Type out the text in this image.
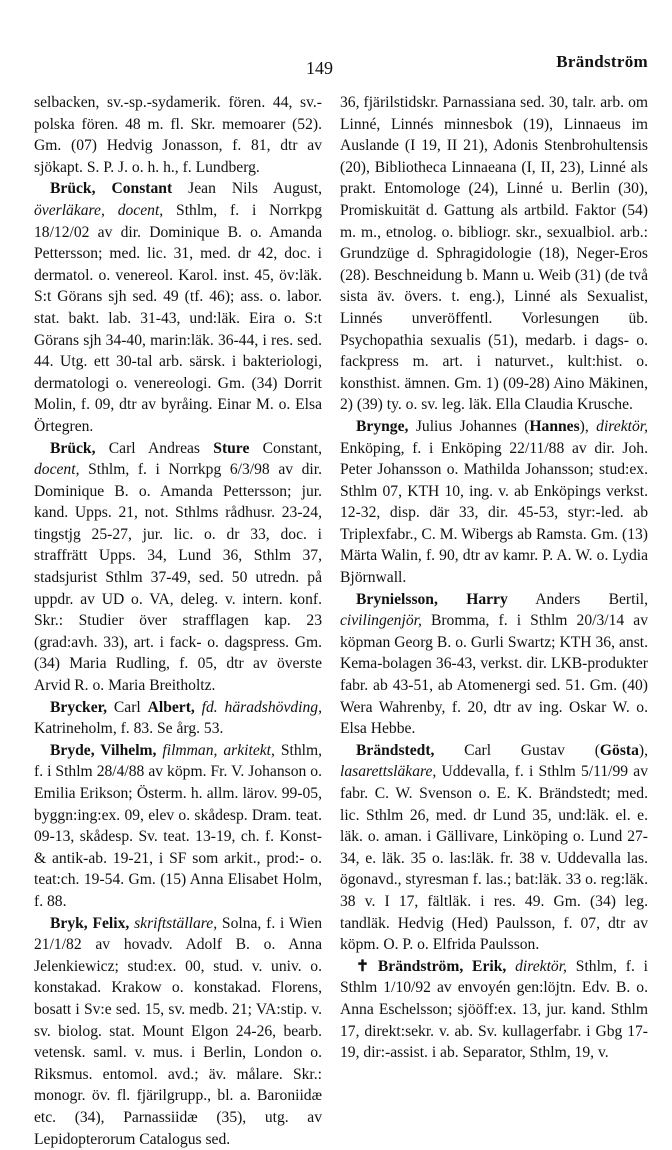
149	Brändström

selbacken, sv.-sp.-sydamerik. fören. 44, sv.-polska fören. 48 m. fl. Skr. memoarer (52). Gm. (07) Hedvig Jonasson, f. 81, dtr av sjökapt. S. P. J. o. h. h., f. Lundberg.

Brück, Constant Jean Nils August, överläkare, docent, Sthlm, f. i Norrkpg 18/12/02 av dir. Dominique B. o. Amanda Pettersson; med. lic. 31, med. dr 42, doc. i dermatol. o. venereol. Karol. inst. 45, öv:läk. S:t Görans sjh sed. 49 (tf. 46); ass. o. labor. stat. bakt. lab. 31-43, und:läk. Eira o. S:t Görans sjh 34-40, marin:läk. 36-44, i res. sed. 44. Utg. ett 30-tal arb. särsk. i bakteriologi, dermatologi o. venereologi. Gm. (34) Dorrit Molin, f. 09, dtr av byråing. Einar M. o. Elsa Örtegren.

Brück, Carl Andreas Sture Constant, docent, Sthlm, f. i Norrkpg 6/3/98 av dir. Dominique B. o. Amanda Pettersson; jur. kand. Upps. 21, not. Sthlms rådhusr. 23-24, tingstjg 25-27, jur. lic. o. dr 33, doc. i straffrätt Upps. 34, Lund 36, Sthlm 37, stadsjurist Sthlm 37-49, sed. 50 utredn. på uppdr. av UD o. VA, deleg. v. intern. konf. Skr.: Studier över strafflagen kap. 23 (grad:avh. 33), art. i fack- o. dagspress. Gm. (34) Maria Rudling, f. 05, dtr av överste Arvid R. o. Maria Breitholtz.

Brycker, Carl Albert, fd. häradshövding, Katrineholm, f. 83. Se årg. 53.

Bryde, Vilhelm, filmman, arkitekt, Sthlm, f. i Sthlm 28/4/88 av köpm. Fr. V. Johanson o. Emilia Erikson; Österm. h. allm. lärov. 99-05, byggn:ing:ex. 09, elev o. skådesp. Dram. teat. 09-13, skådesp. Sv. teat. 13-19, ch. f. Konst- & antik-ab. 19-21, i SF som arkit., prod:- o. teat:ch. 19-54. Gm. (15) Anna Elisabet Holm, f. 88.

Bryk, Felix, skriftställare, Solna, f. i Wien 21/1/82 av hovadv. Adolf B. o. Anna Jelenkiewicz; stud:ex. 00, stud. v. univ. o. konstakad. Krakow o. konstakad. Florens, bosatt i Sv:e sed. 15, sv. medb. 21; VA:stip. v. sv. biolog. stat. Mount Elgon 24-26, bearb. vetensk. saml. v. mus. i Berlin, London o. Riksmus. entomol. avd.; äv. målare. Skr.: monogr. öv. fl. fjärilgrupp., bl. a. Baroniidæ etc. (34), Parnassiidæ (35), utg. av Lepidopterorum Catalogus sed.

36, fjärilstidskr. Parnassiana sed. 30, talr. arb. om Linné, Linnés minnesbok (19), Linnaeus im Auslande (I 19, II 21), Adonis Stenbrohultensis (20), Bibliotheca Linnaeana (I, II, 23), Linné als prakt. Entomologe (24), Linné u. Berlin (30), Promiskuität d. Gattung als artbild. Faktor (54) m. m., etnolog. o. bibliogr. skr., sexualbiol. arb.: Grundzüge d. Sphragidologie (18), Neger-Eros (28). Beschneidung b. Mann u. Weib (31) (de två sista äv. övers. t. eng.), Linné als Sexualist, Linnés unveröffentl. Vorlesungen üb. Psychopathia sexualis (51), medarb. i dags- o. fackpress m. art. i naturvet., kult:hist. o. konsthist. ämnen. Gm. 1) (09-28) Aino Mäkinen, 2) (39) ty. o. sv. leg. läk. Ella Claudia Krusche.

Brynge, Julius Johannes (Hannes), direktör, Enköping, f. i Enköping 22/11/88 av dir. Joh. Peter Johansson o. Mathilda Johansson; stud:ex. Sthlm 07, KTH 10, ing. v. ab Enköpings verkst. 12-32, disp. där 33, dir. 45-53, styr:-led. ab Triplexfabr., C. M. Wibergs ab Ramsta. Gm. (13) Märta Walin, f. 90, dtr av kamr. P. A. W. o. Lydia Björnwall.

Brynielsson, Harry Anders Bertil, civilingenjör, Bromma, f. i Sthlm 20/3/14 av köpman Georg B. o. Gurli Swartz; KTH 36, anst. Kema-bolagen 36-43, verkst. dir. LKB-produkter fabr. ab 43-51, ab Atomenergi sed. 51. Gm. (40) Wera Wahrenby, f. 20, dtr av ing. Oskar W. o. Elsa Hebbe.

Brändstedt, Carl Gustav (Gösta), lasarettsläkare, Uddevalla, f. i Sthlm 5/11/99 av fabr. C. W. Svenson o. E. K. Brändstedt; med. lic. Sthlm 26, med. dr Lund 35, und:läk. el. e. läk. o. aman. i Gällivare, Linköping o. Lund 27-34, e. läk. 35 o. las:läk. fr. 38 v. Uddevalla las. ögonavd., styresman f. las.; bat:läk. 33 o. reg:läk. 38 v. I 17, fältläk. i res. 49. Gm. (34) leg. tandläk. Hedvig (Hed) Paulsson, f. 07, dtr av köpm. O. P. o. Elfrida Paulsson.

✝ Brändström, Erik, direktör, Sthlm, f. i Sthlm 1/10/92 av envoyén gen:löjtn. Edv. B. o. Anna Eschelsson; sjööff:ex. 13, jur. kand. Sthlm 17, direkt:sekr. v. ab. Sv. kullagerfabr. i Gbg 17-19, dir:-assist. i ab. Separator, Sthlm, 19, v.
